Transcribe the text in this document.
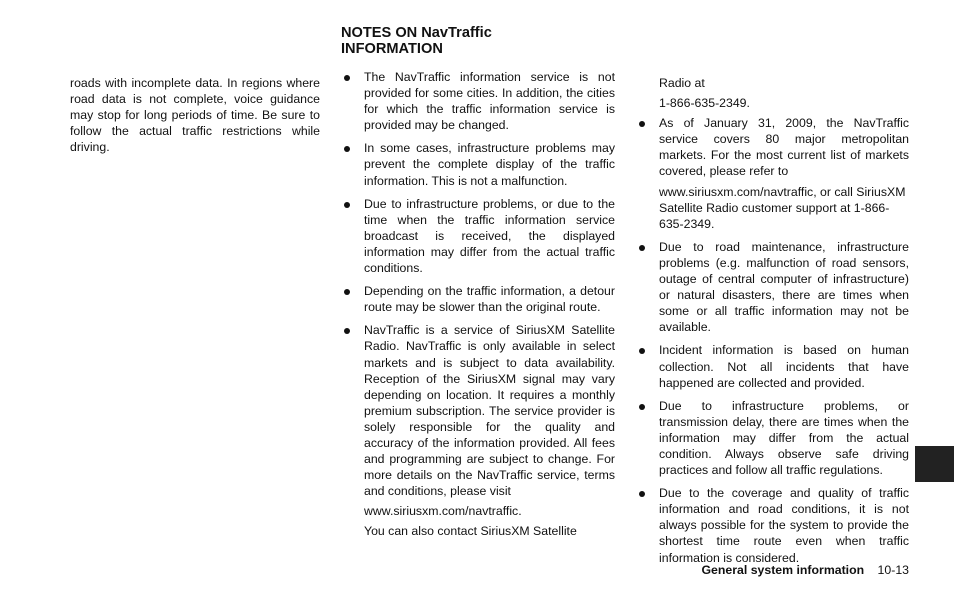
roads with incomplete data. In regions where road data is not complete, voice guidance may stop for long periods of time. Be sure to follow the actual traffic restrictions while driving.

NOTES ON NavTraffic
INFORMATION

The NavTraffic information service is not provided for some cities. In addition, the cities for which the traffic information service is provided may be changed.

In some cases, infrastructure problems may prevent the complete display of the traffic information. This is not a malfunction.

Due to infrastructure problems, or due to the time when the traffic information service broadcast is received, the displayed information may differ from the actual traffic conditions.

Depending on the traffic information, a detour route may be slower than the original route.

NavTraffic is a service of SiriusXM Satellite Radio. NavTraffic is only available in select markets and is subject to data availability. Reception of the SiriusXM signal may vary depending on location. It requires a monthly premium subscription. The service provider is solely responsible for the quality and accuracy of the information provided. All fees and programming are subject to change. For more details on the NavTraffic service, terms and conditions, please visit

www.siriusxm.com/navtraffic.

You can also contact SiriusXM Satellite

Radio at

1-866-635-2349.

As of January 31, 2009, the NavTraffic service covers 80 major metropolitan markets. For the most current list of markets covered, please refer to

www.siriusxm.com/navtraffic, or call SiriusXM Satellite Radio customer support at 1-866-635-2349.

Due to road maintenance, infrastructure problems (e.g. malfunction of road sensors, outage of central computer of infrastructure) or natural disasters, there are times when some or all traffic information may not be available.

Incident information is based on human collection. Not all incidents that have happened are collected and provided.

Due to infrastructure problems, or transmission delay, there are times when the information may differ from the actual condition. Always observe safe driving practices and follow all traffic regulations.

Due to the coverage and quality of traffic information and road conditions, it is not always possible for the system to provide the shortest time route even when traffic information is considered.

General system information 10-13
